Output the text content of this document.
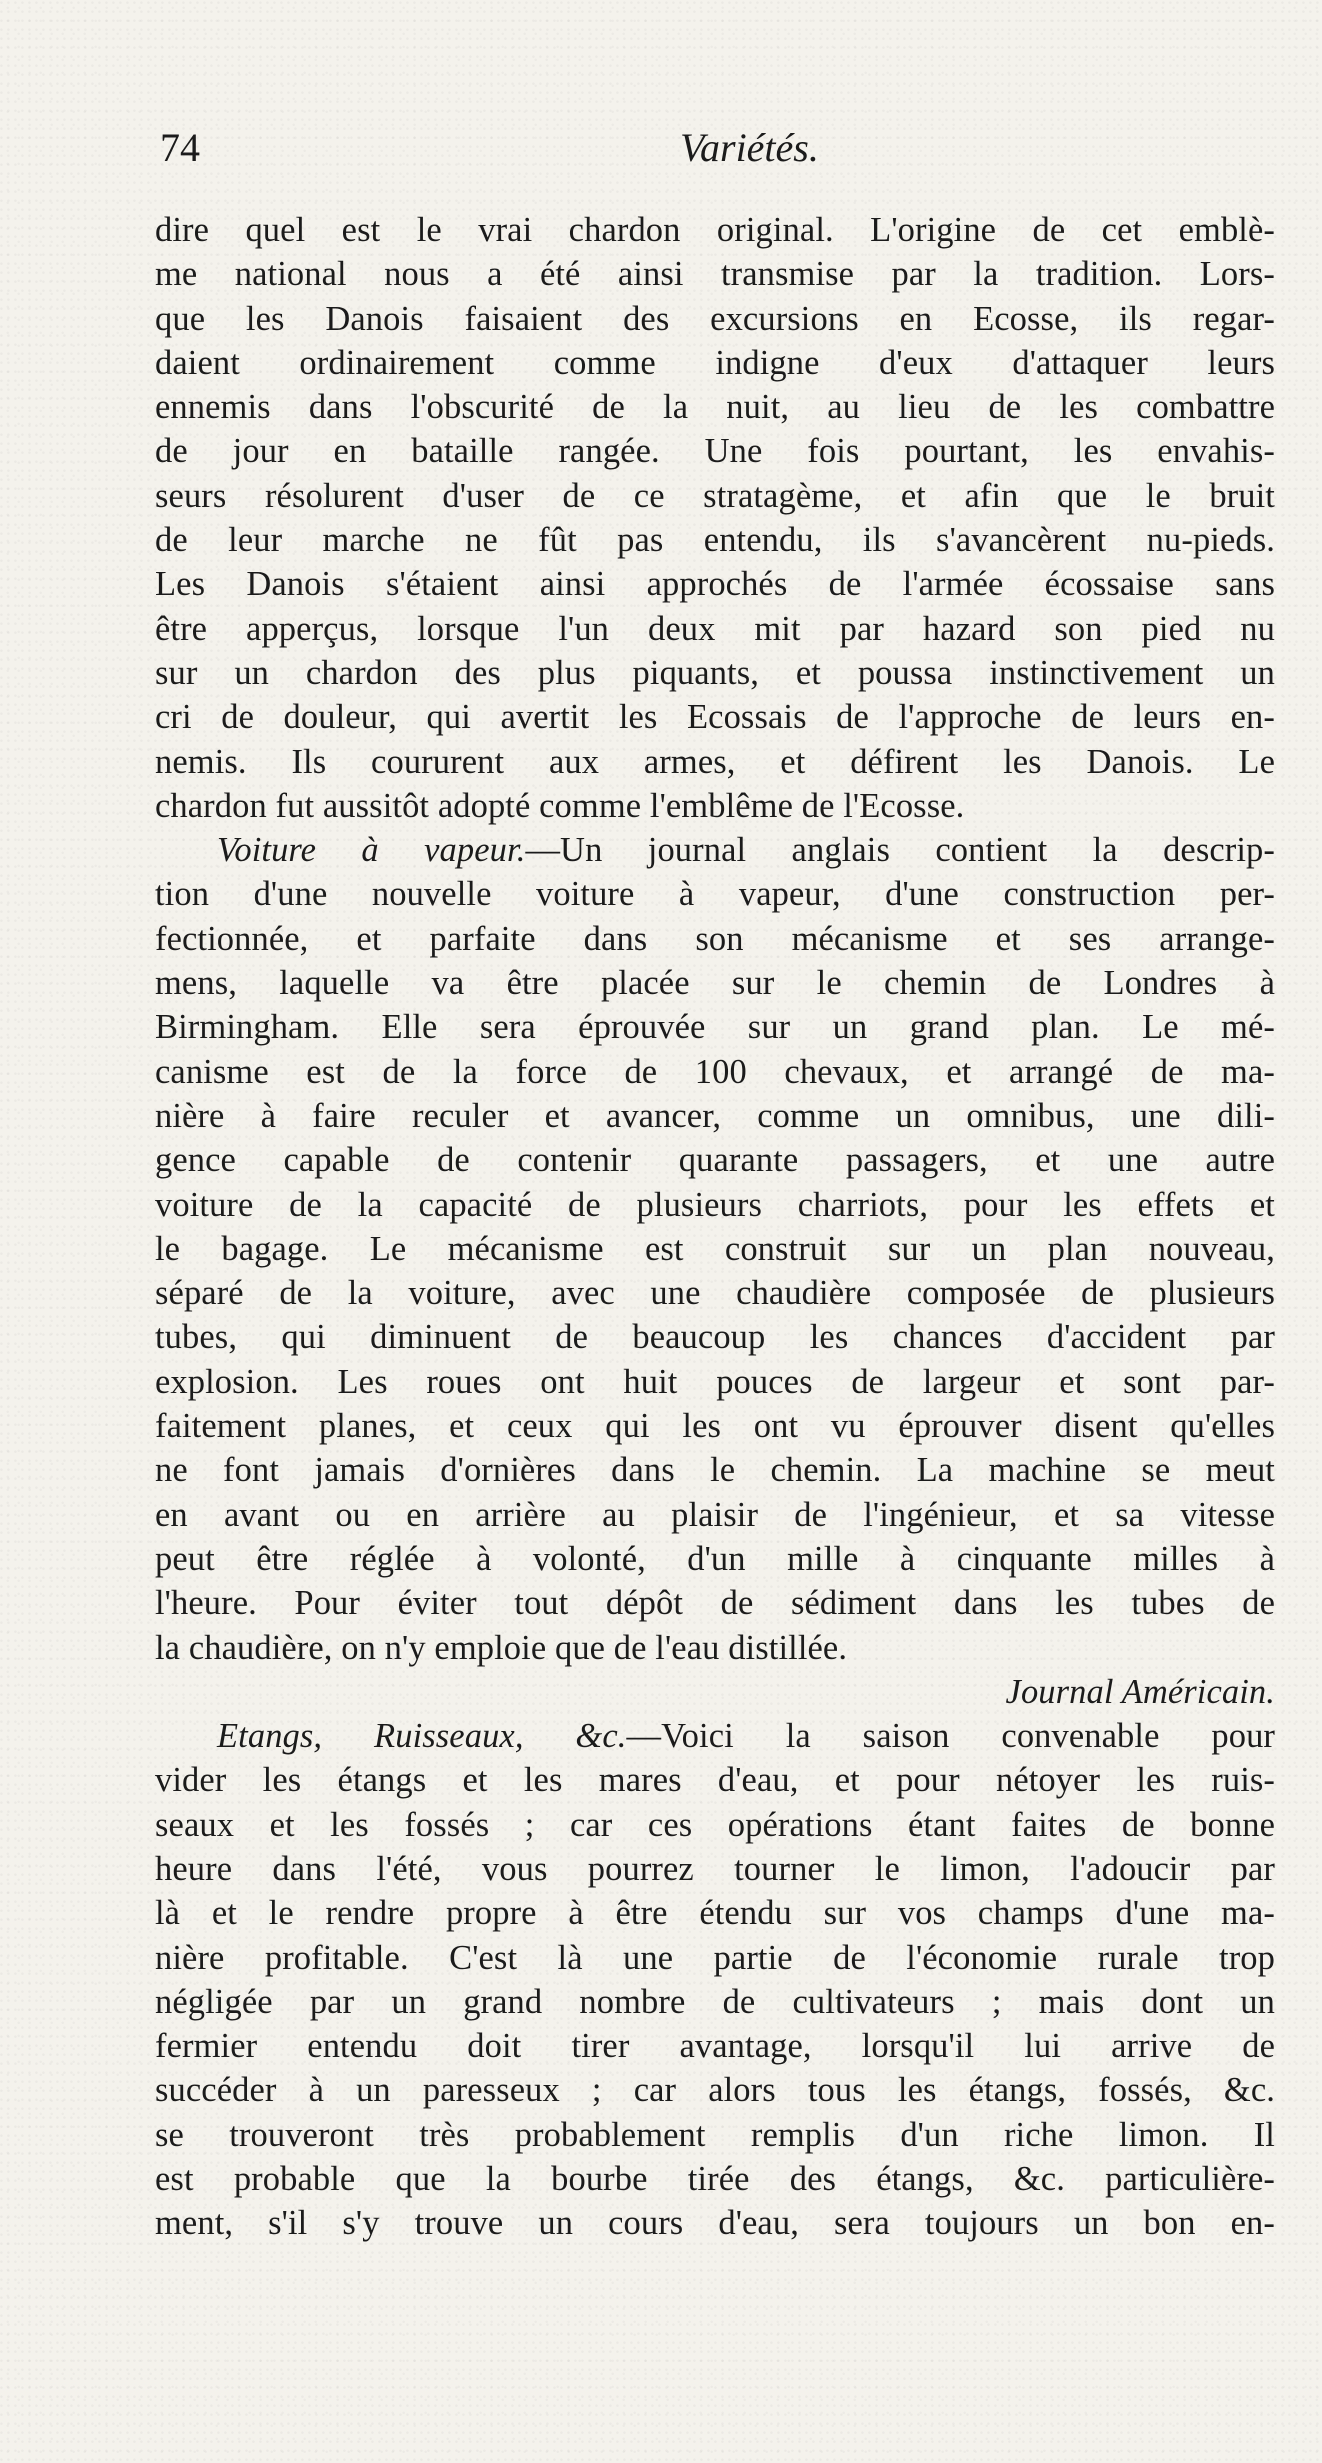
74	Variétés.
dire quel est le vrai chardon original. L'origine de cet emblè-
me national nous a été ainsi transmise par la tradition. Lors-
que les Danois faisaient des excursions en Ecosse, ils regar-
daient ordinairement comme indigne d'eux d'attaquer leurs
ennemis dans l'obscurité de la nuit, au lieu de les combattre
de jour en bataille rangée. Une fois pourtant, les envahis-
seurs résolurent d'user de ce stratagème, et afin que le bruit
de leur marche ne fût pas entendu, ils s'avancèrent nu-pieds.
Les Danois s'étaient ainsi approchés de l'armée écossaise sans
être apperçus, lorsque l'un deux mit par hazard son pied nu
sur un chardon des plus piquants, et poussa instinctivement un
cri de douleur, qui avertit les Ecossais de l'approche de leurs en-
nemis. Ils coururent aux armes, et défirent les Danois. Le
chardon fut aussitôt adopté comme l'emblême de l'Ecosse.
Voiture à vapeur.—Un journal anglais contient la descrip-
tion d'une nouvelle voiture à vapeur, d'une construction per-
fectionnée, et parfaite dans son mécanisme et ses arrange-
mens, laquelle va être placée sur le chemin de Londres à
Birmingham. Elle sera éprouvée sur un grand plan. Le mé-
canisme est de la force de 100 chevaux, et arrangé de ma-
nière à faire reculer et avancer, comme un omnibus, une dili-
gence capable de contenir quarante passagers, et une autre
voiture de la capacité de plusieurs charriots, pour les effets et
le bagage. Le mécanisme est construit sur un plan nouveau,
séparé de la voiture, avec une chaudière composée de plusieurs
tubes, qui diminuent de beaucoup les chances d'accident par
explosion. Les roues ont huit pouces de largeur et sont par-
faitement planes, et ceux qui les ont vu éprouver disent qu'elles
ne font jamais d'ornières dans le chemin. La machine se meut
en avant ou en arrière au plaisir de l'ingénieur, et sa vitesse
peut être réglée à volonté, d'un mille à cinquante milles à
l'heure. Pour éviter tout dépôt de sédiment dans les tubes de
la chaudière, on n'y emploie que de l'eau distillée.
Journal Américain.
Etangs, Ruisseaux, &c.—Voici la saison convenable pour
vider les étangs et les mares d'eau, et pour nétoyer les ruis-
seaux et les fossés ; car ces opérations étant faites de bonne
heure dans l'été, vous pourrez tourner le limon, l'adoucir par
là et le rendre propre à être étendu sur vos champs d'une ma-
nière profitable. C'est là une partie de l'économie rurale trop
négligée par un grand nombre de cultivateurs ; mais dont un
fermier entendu doit tirer avantage, lorsqu'il lui arrive de
succéder à un paresseux ; car alors tous les étangs, fossés, &c.
se trouveront très probablement remplis d'un riche limon. Il
est probable que la bourbe tirée des étangs, &c. particulière-
ment, s'il s'y trouve un cours d'eau, sera toujours un bon en-
